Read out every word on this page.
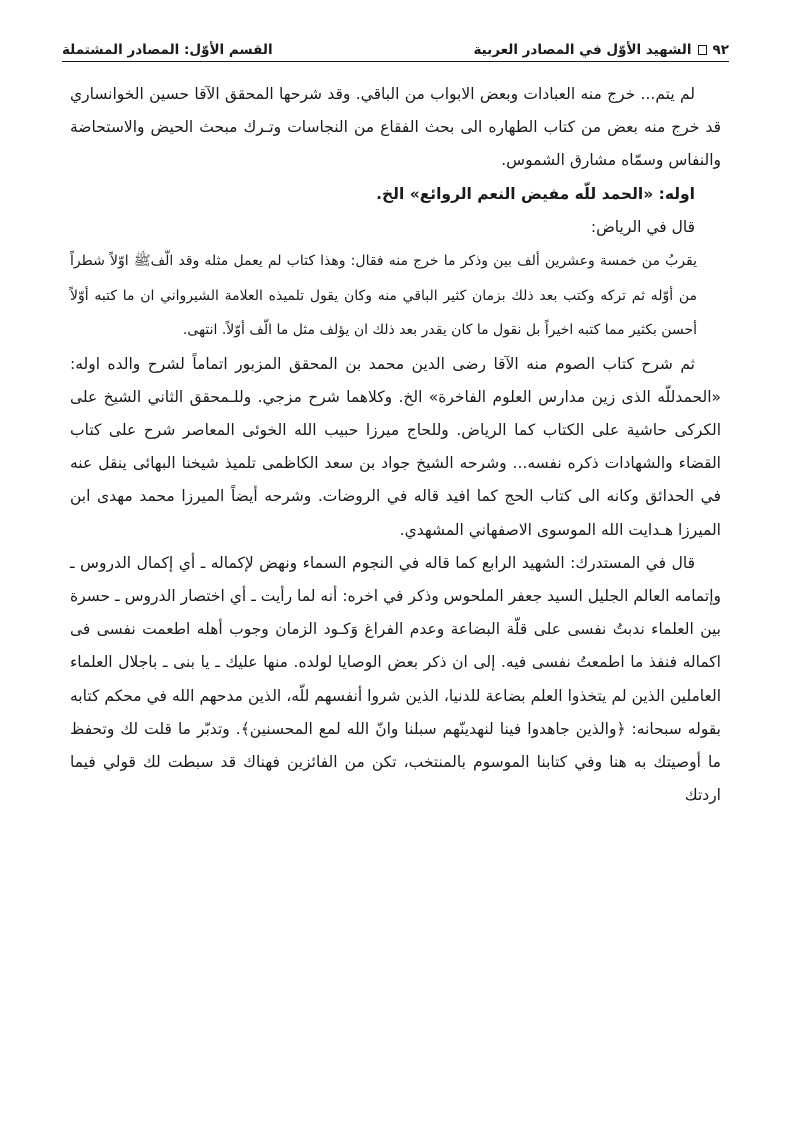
٩٢
الشهيد الأوّل في المصادر العربية
القسم الأوّل: المصادر المشتملة

لم يتم... خرج منه العبادات وبعض الابواب من الباقي. وقد شرحها المحقق الآقا حسين الخوانساري قد خرج منه بعض من كتاب الطهاره الى بحث الفقاع من النجاسات وتـرك مبحث الحيض والاستحاضة والنفاس وسمّاه مشارق الشموس.

اوله: «الحمد للّه مفيض النعم الروائع» الخ.

قال في الرياض:

يقربُ من خمسة وعشرين ألف بين وذكر ما خرج منه فقال: وهذا كتاب لم يعمل مثله وقد الّفﷺ اوّلاً شطراً من أوّله ثم تركه وكتب بعد ذلك بزمان كثير الباقي منه وكان يقول تلميذه العلامة الشيرواني ان ما كتبه أوّلاً أحسن بكثير مما كتبه اخيراً بل نقول ما كان يقدر بعد ذلك ان يؤلف مثل ما الّف أوّلاً. انتهى.

ثم شرح كتاب الصوم منه الآقا رضى الدين محمد بن المحقق المزبور اتماماً لشرح والده اوله: «الحمدللّه الذى زين مدارس العلوم الفاخرة» الخ. وكلاهما شرح مزجي. وللـمحقق الثاني الشيخ على الكركى حاشية على الكتاب كما الرياض. وللحاج ميرزا حبيب الله الخوئى المعاصر شرح على كتاب القضاء والشهادات ذكره نفسه... وشرحه الشيخ جواد بن سعد الكاظمى تلميذ شيخنا البهائى ينقل عنه في الحدائق وكانه الى كتاب الحج كما افيد قاله في الروضات. وشرحه أيضاً الميرزا محمد مهدى ابن الميرزا هـدايت الله الموسوى الاصفهاني المشهدي.

قال في المستدرك: الشهيد الرابع كما قاله في النجوم السماء ونهض لإكماله ـ أي إكمال الدروس ـ وإتمامه العالم الجليل السيد جعفر الملحوس وذكر في اخره: أنه لما رأيت ـ أي اختصار الدروس ـ حسرة بين العلماء ندبتُ نفسى على قلّة البضاعة وعدم الفراغ وَكـود الزمان وجوب أهله اطعمت نفسى فى اكماله فنفذ ما اطمعتُ نفسى فيه. إلى ان ذكر بعض الوصايا لولده. منها عليك ـ يا بنى ـ باجلال العلماء العاملين الذين لم يتخذوا العلم بضاعة للدنيا، الذين شروا أنفسهم للّه، الذين مدحهم الله في محكم كتابه بقوله سبحانه: ﴿والذين جاهدوا فينا لنهدينّهم سبلنا وانّ الله لمع المحسنين﴾. وتدبّر ما قلت لك وتحفظ ما أوصيتك به هنا وفي كتابنا الموسوم بالمنتخب، تكن من الفائزين فهناك قد سبطت لك قولي فيما اردتك
